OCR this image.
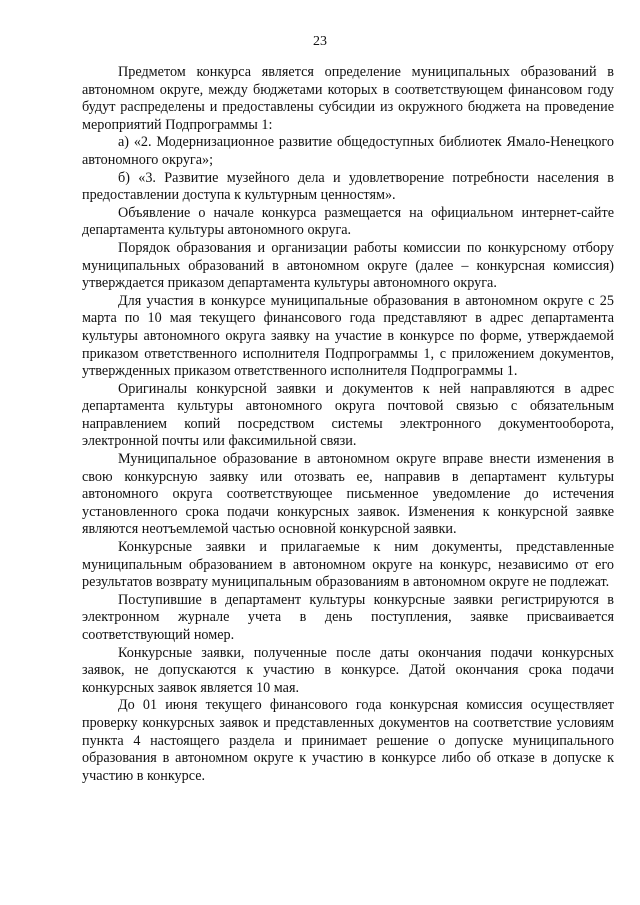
23

Предметом конкурса является определение муниципальных образований в автономном округе, между бюджетами которых в соответствующем финансовом году будут распределены и предоставлены субсидии из окружного бюджета на проведение мероприятий Подпрограммы 1:

а) «2. Модернизационное развитие общедоступных библиотек Ямало-Ненецкого автономного округа»;

б) «3. Развитие музейного дела и удовлетворение потребности населения в предоставлении доступа к культурным ценностям».

Объявление о начале конкурса размещается на официальном интернет-сайте департамента культуры автономного округа.

Порядок образования и организации работы комиссии по конкурсному отбору муниципальных образований в автономном округе (далее – конкурсная комиссия) утверждается приказом департамента культуры автономного округа.

Для участия в конкурсе муниципальные образования в автономном округе с 25 марта по 10 мая текущего финансового года представляют в адрес департамента культуры автономного округа заявку на участие в конкурсе по форме, утверждаемой приказом ответственного исполнителя Подпрограммы 1, с приложением документов, утвержденных приказом ответственного исполнителя Подпрограммы 1.

Оригиналы конкурсной заявки и документов к ней направляются в адрес департамента культуры автономного округа почтовой связью с обязательным направлением копий посредством системы электронного документооборота, электронной почты или факсимильной связи.

Муниципальное образование в автономном округе вправе внести изменения в свою конкурсную заявку или отозвать ее, направив в департамент культуры автономного округа соответствующее письменное уведомление до истечения установленного срока подачи конкурсных заявок. Изменения к конкурсной заявке являются неотъемлемой частью основной конкурсной заявки.

Конкурсные заявки и прилагаемые к ним документы, представленные муниципальным образованием в автономном округе на конкурс, независимо от его результатов возврату муниципальным образованиям в автономном округе не подлежат.

Поступившие в департамент культуры конкурсные заявки регистрируются в электронном журнале учета в день поступления, заявке присваивается соответствующий номер.

Конкурсные заявки, полученные после даты окончания подачи конкурсных заявок, не допускаются к участию в конкурсе. Датой окончания срока подачи конкурсных заявок является 10 мая.

До 01 июня текущего финансового года конкурсная комиссия осуществляет проверку конкурсных заявок и представленных документов на соответствие условиям пункта 4 настоящего раздела и принимает решение о допуске муниципального образования в автономном округе к участию в конкурсе либо об отказе в допуске к участию в конкурсе.
